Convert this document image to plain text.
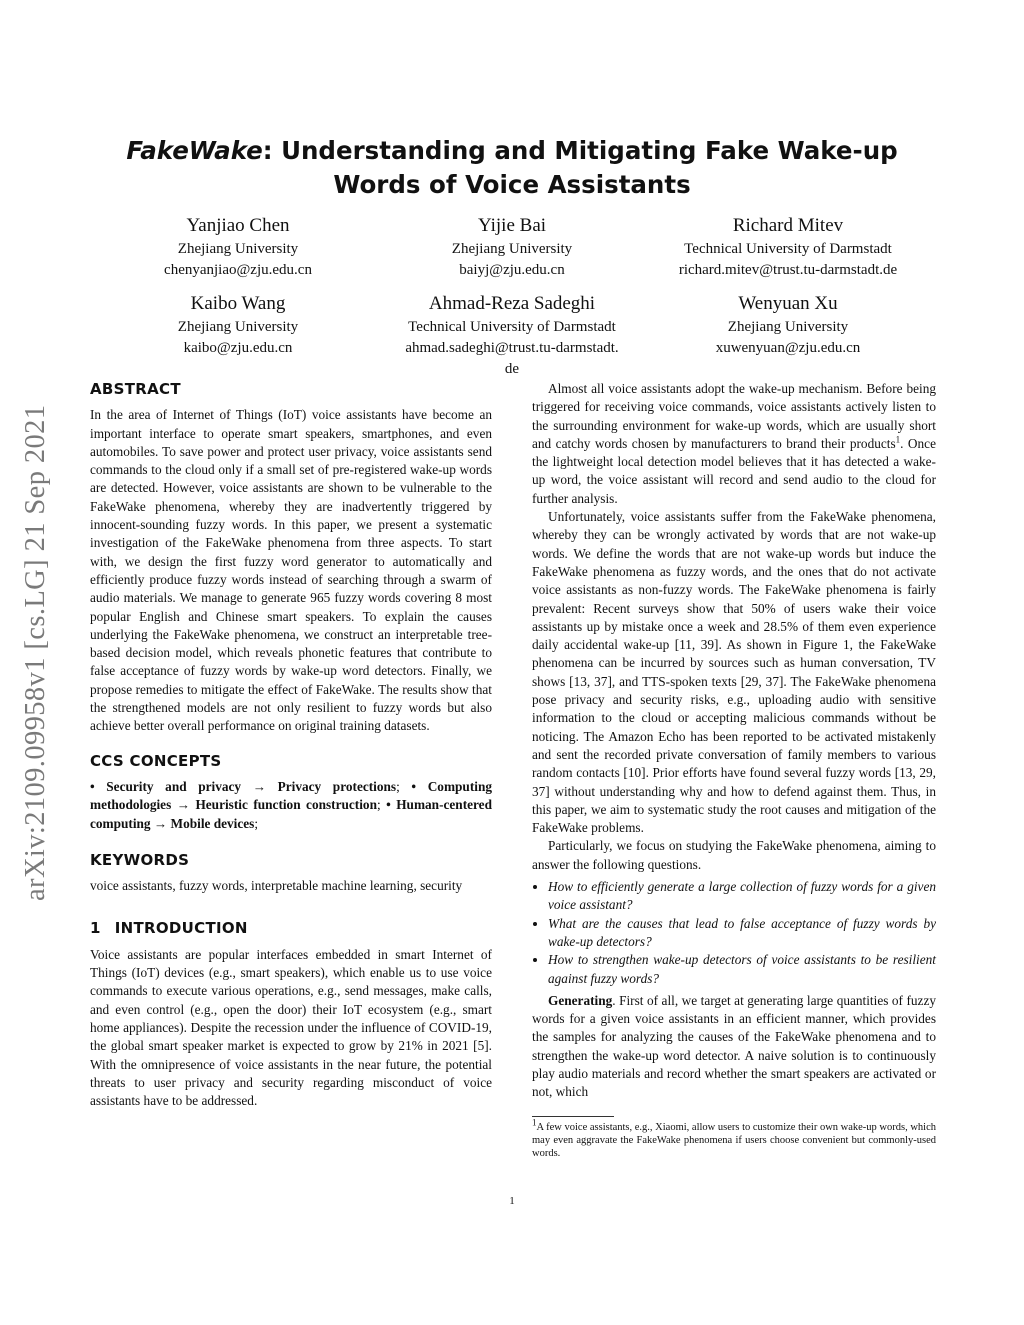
arXiv:2109.09958v1 [cs.LG] 21 Sep 2021
FakeWake: Understanding and Mitigating Fake Wake-up Words of Voice Assistants
Yanjiao Chen
Zhejiang University
chenyanjiao@zju.edu.cn
Yijie Bai
Zhejiang University
baiyj@zju.edu.cn
Richard Mitev
Technical University of Darmstadt
richard.mitev@trust.tu-darmstadt.de
Kaibo Wang
Zhejiang University
kaibo@zju.edu.cn
Ahmad-Reza Sadeghi
Technical University of Darmstadt
ahmad.sadeghi@trust.tu-darmstadt.
de
Wenyuan Xu
Zhejiang University
xuwenyuan@zju.edu.cn
ABSTRACT

In the area of Internet of Things (IoT) voice assistants have become an important interface to operate smart speakers, smartphones, and even automobiles. To save power and protect user privacy, voice assistants send commands to the cloud only if a small set of pre-registered wake-up words are detected. However, voice assistants are shown to be vulnerable to the FakeWake phenomena, whereby they are inadvertently triggered by innocent-sounding fuzzy words. In this paper, we present a systematic investigation of the FakeWake phenomena from three aspects. To start with, we design the first fuzzy word generator to automatically and efficiently produce fuzzy words instead of searching through a swarm of audio materials. We manage to generate 965 fuzzy words covering 8 most popular English and Chinese smart speakers. To explain the causes underlying the FakeWake phenomena, we construct an interpretable tree-based decision model, which reveals phonetic features that contribute to false acceptance of fuzzy words by wake-up word detectors. Finally, we propose remedies to mitigate the effect of FakeWake. The results show that the strengthened models are not only resilient to fuzzy words but also achieve better overall performance on original training datasets.

CCS CONCEPTS

• Security and privacy → Privacy protections; • Computing methodologies → Heuristic function construction; • Human-centered computing → Mobile devices;

KEYWORDS

voice assistants, fuzzy words, interpretable machine learning, security

1 INTRODUCTION

Voice assistants are popular interfaces embedded in smart Internet of Things (IoT) devices (e.g., smart speakers), which enable us to use voice commands to execute various operations, e.g., send messages, make calls, and even control (e.g., open the door) their IoT ecosystem (e.g., smart home appliances). Despite the recession under the influence of COVID-19, the global smart speaker market is expected to grow by 21% in 2021 [5]. With the omnipresence of voice assistants in the near future, the potential threats to user privacy and security regarding misconduct of voice assistants have to be addressed.

Almost all voice assistants adopt the wake-up mechanism. Before being triggered for receiving voice commands, voice assistants actively listen to the surrounding environment for wake-up words, which are usually short and catchy words chosen by manufacturers to brand their products$^1$. Once the lightweight local detection model believes that it has detected a wake-up word, the voice assistant will record and send audio to the cloud for further analysis.

Unfortunately, voice assistants suffer from the FakeWake phenomena, whereby they can be wrongly activated by words that are not wake-up words. We define the words that are not wake-up words but induce the FakeWake phenomena as fuzzy words, and the ones that do not activate voice assistants as non-fuzzy words. The FakeWake phenomena is fairly prevalent: Recent surveys show that 50% of users wake their voice assistants up by mistake once a week and 28.5% of them even experience daily accidental wake-up [11, 39]. As shown in Figure 1, the FakeWake phenomena can be incurred by sources such as human conversation, TV shows [13, 37], and TTS-spoken texts [29, 37]. The FakeWake phenomena pose privacy and security risks, e.g., uploading audio with sensitive information to the cloud or accepting malicious commands without be noticing. The Amazon Echo has been reported to be activated mistakenly and sent the recorded private conversation of family members to various random contacts [10]. Prior efforts have found several fuzzy words [13, 29, 37] without understanding why and how to defend against them. Thus, in this paper, we aim to systematic study the root causes and mitigation of the FakeWake problems.

Particularly, we focus on studying the FakeWake phenomena, aiming to answer the following questions.

• How to efficiently generate a large collection of fuzzy words for a given voice assistant?
• What are the causes that lead to false acceptance of fuzzy words by wake-up detectors?
• How to strengthen wake-up detectors of voice assistants to be resilient against fuzzy words?

Generating. First of all, we target at generating large quantities of fuzzy words for a given voice assistants in an efficient manner, which provides the samples for analyzing the causes of the FakeWake phenomena and to strengthen the wake-up word detector. A naive solution is to continuously play audio materials and record whether the smart speakers are activated or not, which

$^1$A few voice assistants, e.g., Xiaomi, allow users to customize their own wake-up words, which may even aggravate the FakeWake phenomena if users choose convenient but commonly-used words.

1
